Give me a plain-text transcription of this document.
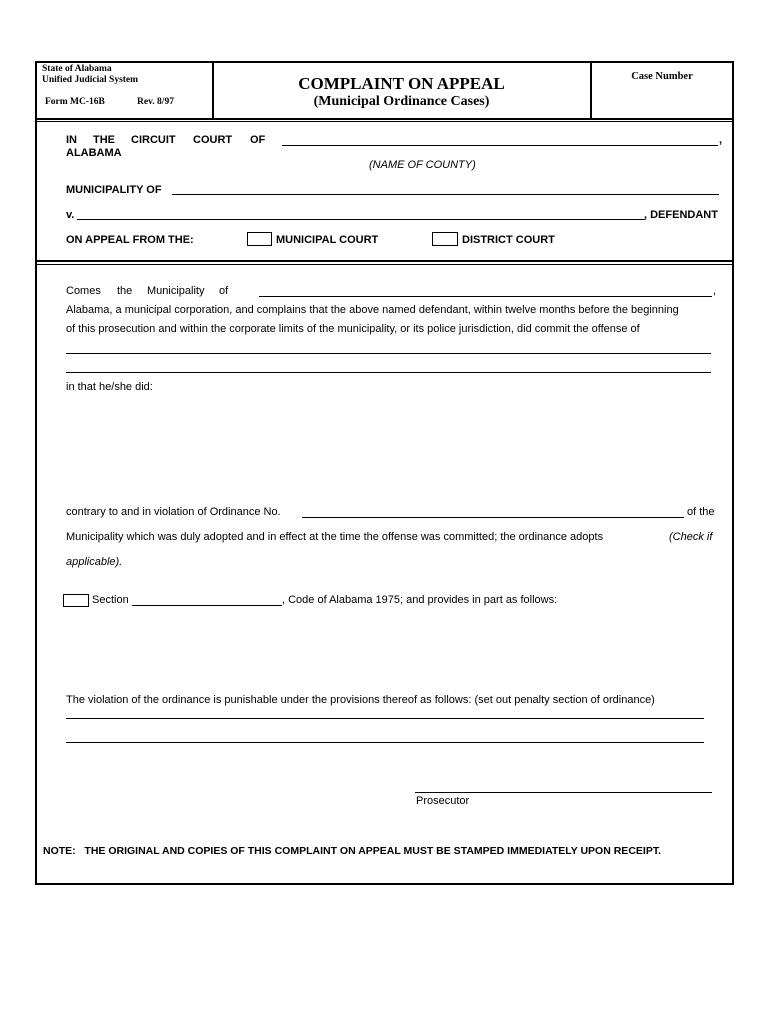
State of Alabama
Unified Judicial System
Form MC-16B	Rev. 8/97
COMPLAINT ON APPEAL
(Municipal Ordinance Cases)
Case Number
IN THE CIRCUIT COURT OF
ALABAMA
,
(NAME OF COUNTY)
MUNICIPALITY OF
v.	, DEFENDANT
ON APPEAL FROM THE:	MUNICIPAL COURT	DISTRICT COURT
Comes the Municipality of	,
Alabama, a municipal corporation, and complains that the above named defendant, within twelve months before the beginning
of this prosecution and within the corporate limits of the municipality, or its police jurisdiction, did commit the offense of
in that he/she did:
contrary to and in violation of Ordinance No.	of the
Municipality which was duly adopted and in effect at the time the offense was committed; the ordinance adopts	(Check if
applicable).
Section	, Code of Alabama 1975; and provides in part as follows:
The violation of the ordinance is punishable under the provisions thereof as follows: (set out penalty section of ordinance)
Prosecutor
NOTE:   THE ORIGINAL AND COPIES OF THIS COMPLAINT ON APPEAL MUST BE STAMPED IMMEDIATELY UPON RECEIPT.
